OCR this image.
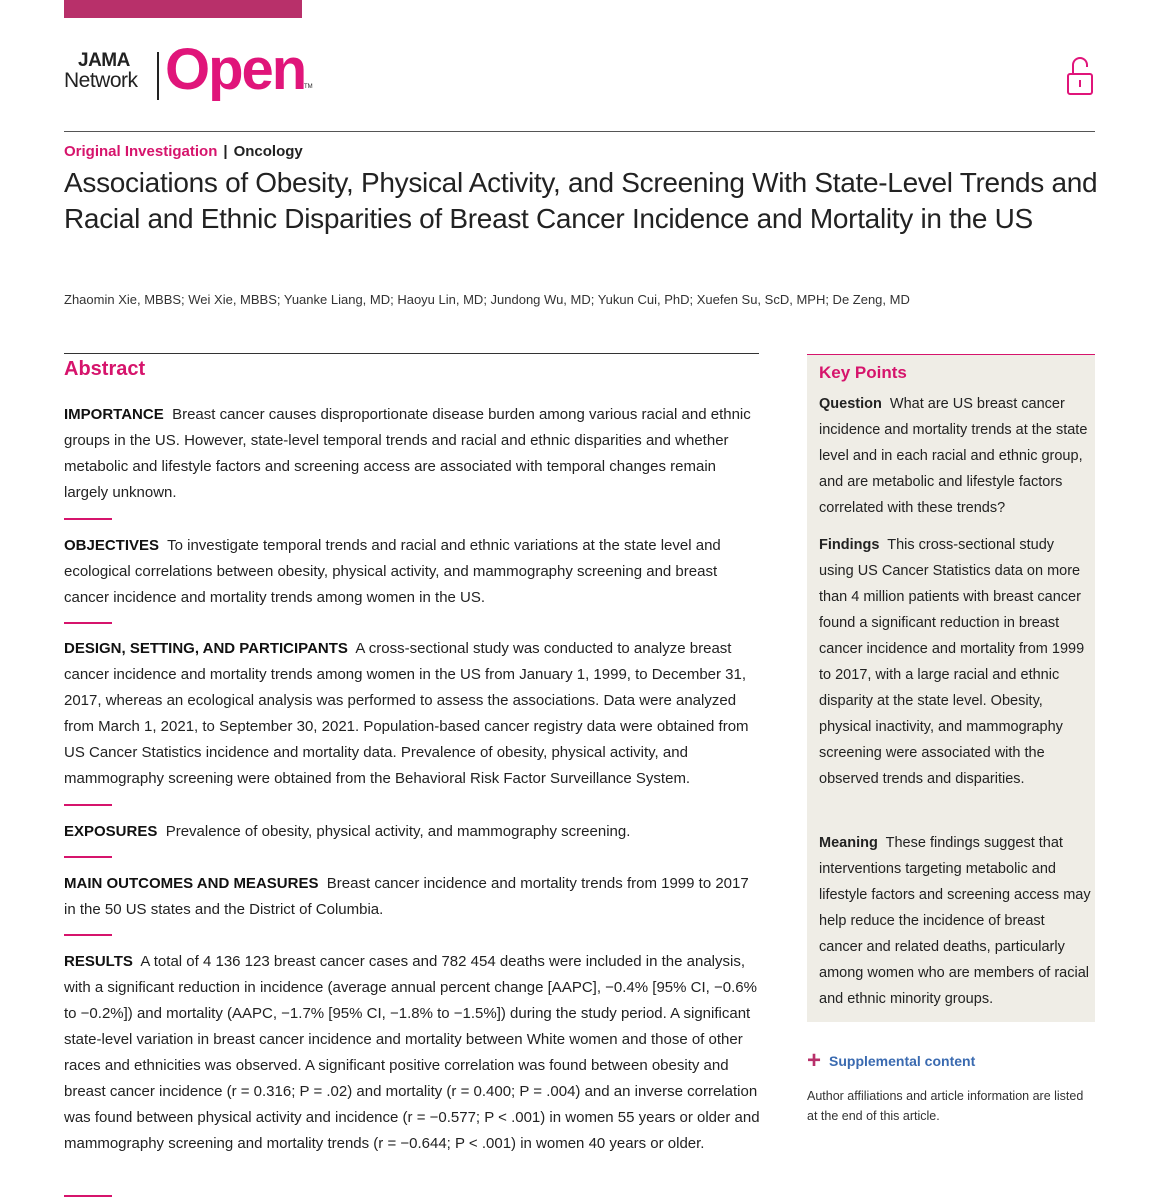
JAMA
Network Open
TM
Original Investigation | Oncology
Associations of Obesity, Physical Activity, and Screening With State-Level Trends and Racial and Ethnic Disparities of Breast Cancer Incidence and Mortality in the US
Zhaomin Xie, MBBS; Wei Xie, MBBS; Yuanke Liang, MD; Haoyu Lin, MD; Jundong Wu, MD; Yukun Cui, PhD; Xuefen Su, ScD, MPH; De Zeng, MD
Abstract
IMPORTANCE Breast cancer causes disproportionate disease burden among various racial and ethnic groups in the US. However, state-level temporal trends and racial and ethnic disparities and whether metabolic and lifestyle factors and screening access are associated with temporal changes remain largely unknown.
OBJECTIVES To investigate temporal trends and racial and ethnic variations at the state level and ecological correlations between obesity, physical activity, and mammography screening and breast cancer incidence and mortality trends among women in the US.
DESIGN, SETTING, AND PARTICIPANTS A cross-sectional study was conducted to analyze breast cancer incidence and mortality trends among women in the US from January 1, 1999, to December 31, 2017, whereas an ecological analysis was performed to assess the associations. Data were analyzed from March 1, 2021, to September 30, 2021. Population-based cancer registry data were obtained from US Cancer Statistics incidence and mortality data. Prevalence of obesity, physical activity, and mammography screening were obtained from the Behavioral Risk Factor Surveillance System.
EXPOSURES Prevalence of obesity, physical activity, and mammography screening.
MAIN OUTCOMES AND MEASURES Breast cancer incidence and mortality trends from 1999 to 2017 in the 50 US states and the District of Columbia.
RESULTS A total of 4 136 123 breast cancer cases and 782 454 deaths were included in the analysis, with a significant reduction in incidence (average annual percent change [AAPC], −0.4% [95% CI, −0.6% to −0.2%]) and mortality (AAPC, −1.7% [95% CI, −1.8% to −1.5%]) during the study period. A significant state-level variation in breast cancer incidence and mortality between White women and those of other races and ethnicities was observed. A significant positive correlation was found between obesity and breast cancer incidence (r = 0.316; P = .02) and mortality (r = 0.400; P = .004) and an inverse correlation was found between physical activity and incidence (r = −0.577; P < .001) in women 55 years or older and mammography screening and mortality trends (r = −0.644; P < .001) in women 40 years or older.
Key Points
Question What are US breast cancer incidence and mortality trends at the state level and in each racial and ethnic group, and are metabolic and lifestyle factors correlated with these trends?
Findings This cross-sectional study using US Cancer Statistics data on more than 4 million patients with breast cancer found a significant reduction in breast cancer incidence and mortality from 1999 to 2017, with a large racial and ethnic disparity at the state level. Obesity, physical inactivity, and mammography screening were associated with the observed trends and disparities.
Meaning These findings suggest that interventions targeting metabolic and lifestyle factors and screening access may help reduce the incidence of breast cancer and related deaths, particularly among women who are members of racial and ethnic minority groups.
+ Supplemental content
Author affiliations and article information are listed at the end of this article.
